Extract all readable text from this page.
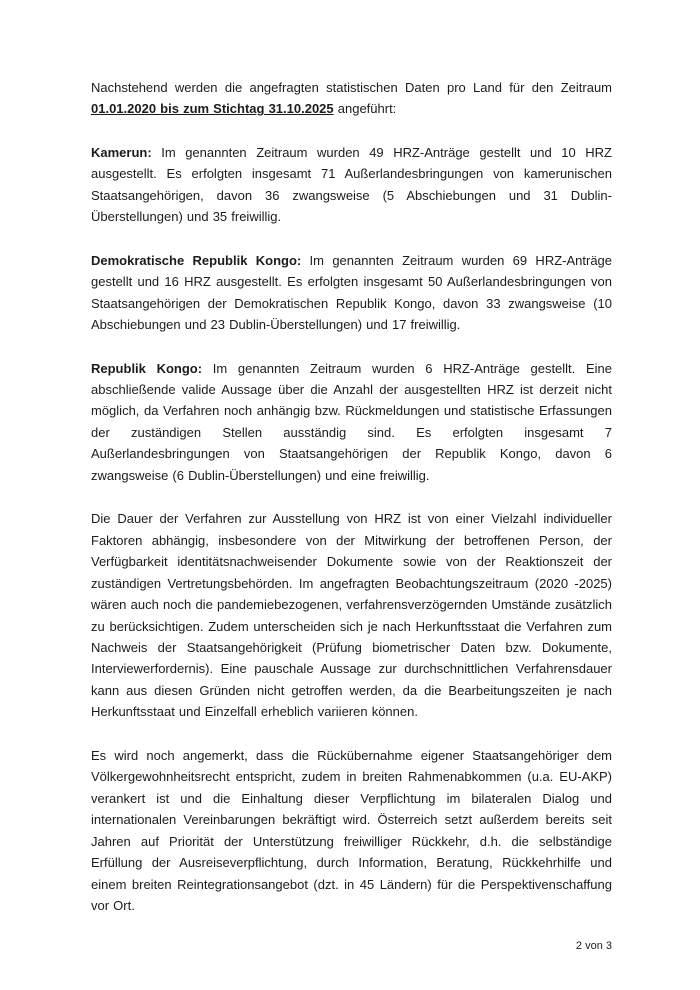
Nachstehend werden die angefragten statistischen Daten pro Land für den Zeitraum 01.01.2020 bis zum Stichtag 31.10.2025 angeführt:

Kamerun: Im genannten Zeitraum wurden 49 HRZ-Anträge gestellt und 10 HRZ ausgestellt. Es erfolgten insgesamt 71 Außerlandesbringungen von kamerunischen Staatsangehörigen, davon 36 zwangsweise (5 Abschiebungen und 31 Dublin-Überstellungen) und 35 freiwillig.

Demokratische Republik Kongo: Im genannten Zeitraum wurden 69 HRZ-Anträge gestellt und 16 HRZ ausgestellt. Es erfolgten insgesamt 50 Außerlandesbringungen von Staatsangehörigen der Demokratischen Republik Kongo, davon 33 zwangsweise (10 Abschiebungen und 23 Dublin-Überstellungen) und 17 freiwillig.

Republik Kongo: Im genannten Zeitraum wurden 6 HRZ-Anträge gestellt. Eine abschließende valide Aussage über die Anzahl der ausgestellten HRZ ist derzeit nicht möglich, da Verfahren noch anhängig bzw. Rückmeldungen und statistische Erfassungen der zuständigen Stellen ausständig sind. Es erfolgten insgesamt 7 Außerlandesbringungen von Staatsangehörigen der Republik Kongo, davon 6 zwangsweise (6 Dublin-Überstellungen) und eine freiwillig.

Die Dauer der Verfahren zur Ausstellung von HRZ ist von einer Vielzahl individueller Faktoren abhängig, insbesondere von der Mitwirkung der betroffenen Person, der Verfügbarkeit identitätsnachweisender Dokumente sowie von der Reaktionszeit der zuständigen Vertretungsbehörden. Im angefragten Beobachtungszeitraum (2020 -2025) wären auch noch die pandemiebezogenen, verfahrensverzögernden Umstände zusätzlich zu berücksichtigen. Zudem unterscheiden sich je nach Herkunftsstaat die Verfahren zum Nachweis der Staatsangehörigkeit (Prüfung biometrischer Daten bzw. Dokumente, Interviewerfordernis). Eine pauschale Aussage zur durchschnittlichen Verfahrensdauer kann aus diesen Gründen nicht getroffen werden, da die Bearbeitungszeiten je nach Herkunftsstaat und Einzelfall erheblich variieren können.

Es wird noch angemerkt, dass die Rückübernahme eigener Staatsangehöriger dem Völkergewohnheitsrecht entspricht, zudem in breiten Rahmenabkommen (u.a. EU-AKP) verankert ist und die Einhaltung dieser Verpflichtung im bilateralen Dialog und internationalen Vereinbarungen bekräftigt wird. Österreich setzt außerdem bereits seit Jahren auf Priorität der Unterstützung freiwilliger Rückkehr, d.h. die selbständige Erfüllung der Ausreiseverpflichtung, durch Information, Beratung, Rückkehrhilfe und einem breiten Reintegrationsangebot (dzt. in 45 Ländern) für die Perspektivenschaffung vor Ort.

2 von 3
